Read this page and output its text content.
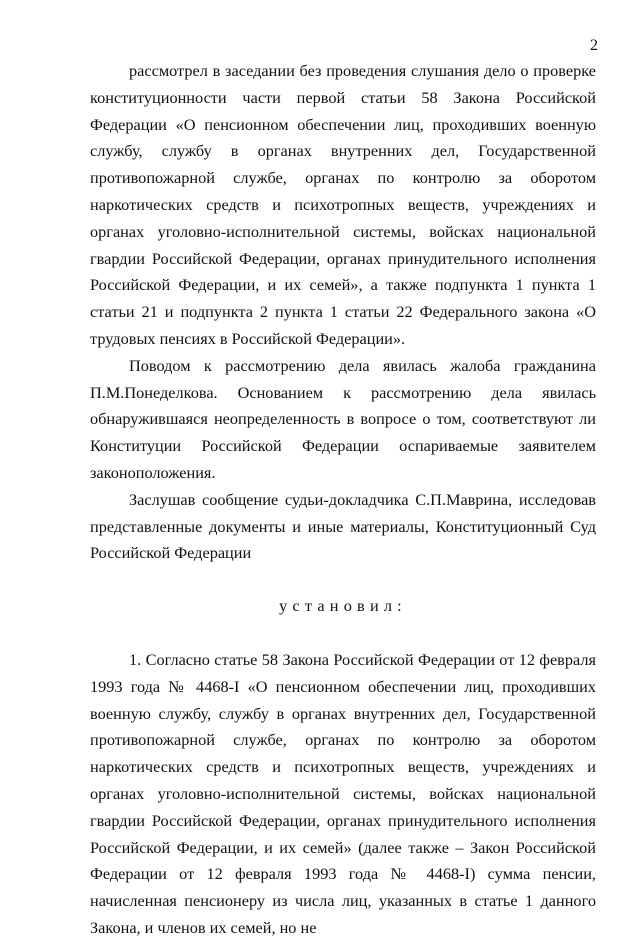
2

рассмотрел в заседании без проведения слушания дело о проверке конституционности части первой статьи 58 Закона Российской Федерации «О пенсионном обеспечении лиц, проходивших военную службу, службу в органах внутренних дел, Государственной противопожарной службе, органах по контролю за оборотом наркотических средств и психотропных веществ, учреждениях и органах уголовно-исполнительной системы, войсках национальной гвардии Российской Федерации, органах принудительного исполнения Российской Федерации, и их семей», а также подпункта 1 пункта 1 статьи 21 и подпункта 2 пункта 1 статьи 22 Федерального закона «О трудовых пенсиях в Российской Федерации».

Поводом к рассмотрению дела явилась жалоба гражданина П.М.Понеделкова. Основанием к рассмотрению дела явилась обнаружившаяся неопределенность в вопросе о том, соответствуют ли Конституции Российской Федерации оспариваемые заявителем законоположения.

Заслушав сообщение судьи-докладчика С.П.Маврина, исследовав представленные документы и иные материалы, Конституционный Суд Российской Федерации

установил:

1. Согласно статье 58 Закона Российской Федерации от 12 февраля 1993 года № 4468-I «О пенсионном обеспечении лиц, проходивших военную службу, службу в органах внутренних дел, Государственной противопожарной службе, органах по контролю за оборотом наркотических средств и психотропных веществ, учреждениях и органах уголовно-исполнительной системы, войсках национальной гвардии Российской Федерации, органах принудительного исполнения Российской Федерации, и их семей» (далее также – Закон Российской Федерации от 12 февраля 1993 года № 4468-I) сумма пенсии, начисленная пенсионеру из числа лиц, указанных в статье 1 данного Закона, и членов их семей, но не
